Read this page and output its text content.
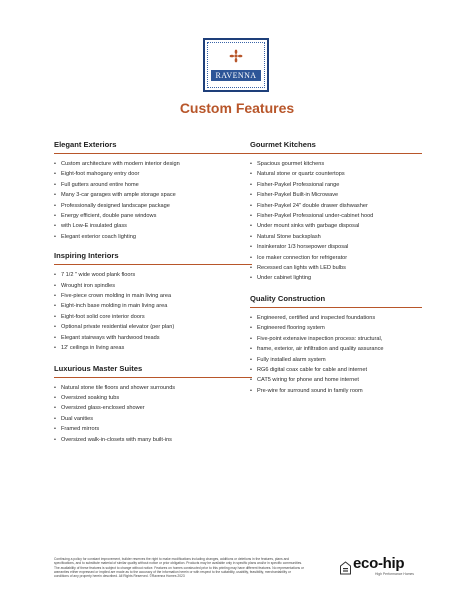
RAVENNA
Custom Features
Elegant Exteriors
• Custom architecture with modern interior design
• Eight-foot mahogany entry door
• Full gutters around entire home
• Many 3-car garages with ample storage space
• Professionally designed landscape package
• Energy efficient, double pane windows
• with Low-E insulated glass
• Elegant exterior coach lighting
Inspiring Interiors
• 7 1/2 " wide wood plank floors
• Wrought iron spindles
• Five-piece crown molding in main living area
• Eight-inch base molding in main living area
• Eight-foot solid core interior doors
• Optional private residential elevator (per plan)
• Elegant stairways with hardwood treads
• 12' ceilings in living areas
Luxurious Master Suites
• Natural stone tile floors and shower surrounds
• Oversized soaking tubs
• Oversized glass-enclosed shower
• Dual vanities
• Framed mirrors
• Oversized walk-in-closets with many built-ins
Gourmet Kitchens
• Spacious gourmet kitchens
• Natural stone or quartz countertops
• Fisher-Paykel Professional range
• Fisher-Paykel Built-in Microwave
• Fisher-Paykel 24" double drawer dishwasher
• Fisher-Paykel Professional under-cabinet hood
• Under mount sinks with garbage disposal
• Natural Stone backsplash
• Insinkerator 1/3 horsepower disposal
• Ice maker connection for refrigerator
• Recessed can lights with LED bulbs
• Under cabinet lighting
Quality Construction
• Engineered, certified and inspected foundations
• Engineered flooring system
• Five-point extensive inspection process: structural,
• frame, exterior, air infiltration and quality assurance
• Fully installed alarm system
• RG6 digital coax cable for cable and internet
• CAT5 wiring for phone and home internet
• Pre-wire for surround sound in family room
Continuing a policy for constant improvement, builder reserves the right to make modifications including changes, additions or deletions in the features, plans and specifications, and to substitute material of similar quality without notice or prior obligation. Products may be available only in specific plans and/or in specific communities. The availability of these features is subject to change without notice. Features on homes constructed prior to this printing may have different features. No representations or warranties either expressed or implied are made as to the accuracy of the information herein or with respect to the suitability, usability, feasibility, merchantability or conditions of any property herein described. All Rights Reserved. ©Ravenna Homes 2023
eco-hip
High Performance Homes
